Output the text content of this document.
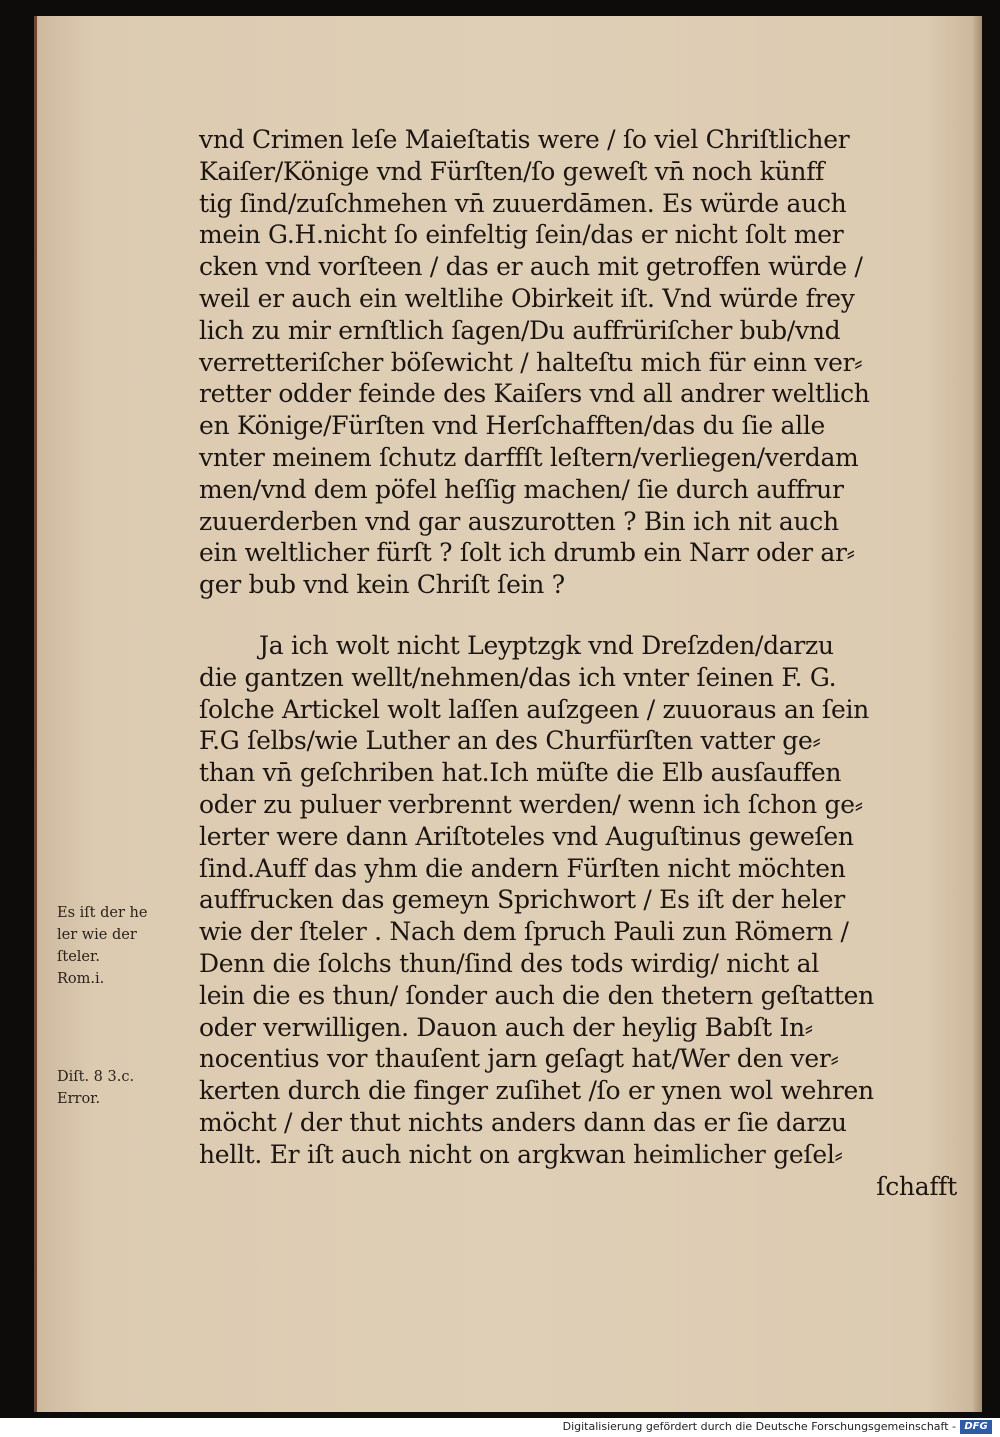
vnd Crimen leſe Maieſtatis were / ſo viel Chriſtlicher
Kaiſer/Könige vnd Fürſten/ſo geweſt vn̄ noch künff
tig ſind/zuſchmehen vn̄ zuuerdāmen. Es würde auch
mein G.H.nicht ſo einfeltig ſein/das er nicht ſolt mer
cken vnd vorſteen / das er auch mit getroffen würde /
weil er auch ein weltlihe Obirkeit iſt. Vnd würde frey
lich zu mir ernſtlich ſagen/Du auffrüriſcher bub/vnd
verretteriſcher böſewicht / halteſtu mich für einn ver⸗
retter odder feinde des Kaiſers vnd all andrer weltlich
en Könige/Fürſten vnd Herſchafften/das du ſie alle
vnter meinem ſchutz darffſt leſtern/verliegen/verdam
men/vnd dem pöfel heſſig machen/ ſie durch auffrur
zuuerderben vnd gar auszurotten ? Bin ich nit auch
ein weltlicher fürſt ? ſolt ich drumb ein Narr oder ar⸗
ger bub vnd kein Chriſt ſein ?
Ja ich wolt nicht Leyptzgk vnd Dreſzden/darzu
die gantzen wellt/nehmen/das ich vnter ſeinen F. G.
ſolche Artickel wolt laſſen auſzgeen / zuuoraus an ſein
F.G ſelbs/wie Luther an des Churfürſten vatter ge⸗
than vn̄ geſchriben hat.Ich müſte die Elb ausſauffen
oder zu puluer verbrennt werden/ wenn ich ſchon ge⸗
lerter were dann Ariſtoteles vnd Auguſtinus geweſen
ſind.Auff das yhm die andern Fürſten nicht möchten
auffrucken das gemeyn Sprichwort / Es iſt der heler
wie der ſteler . Nach dem ſpruch Pauli zun Römern /
Denn die ſolchs thun/ſind des tods wirdig/ nicht al
lein die es thun/ ſonder auch die den thetern geſtatten
oder verwilligen. Dauon auch der heylig Babſt In⸗
nocentius vor thauſent jarn geſagt hat/Wer den ver⸗
kerten durch die finger zuſihet /ſo er ynen wol wehren
möcht / der thut nichts anders dann das er ſie darzu
hellt. Er iſt auch nicht on argkwan heimlicher geſel⸗
ſchafft
Es iſt der he
ler wie der
ſteler.
Rom.i.
Diſt. 8 3.c.
Error.
Digitalisierung gefördert durch die Deutsche Forschungsgemeinschaft - DFG
